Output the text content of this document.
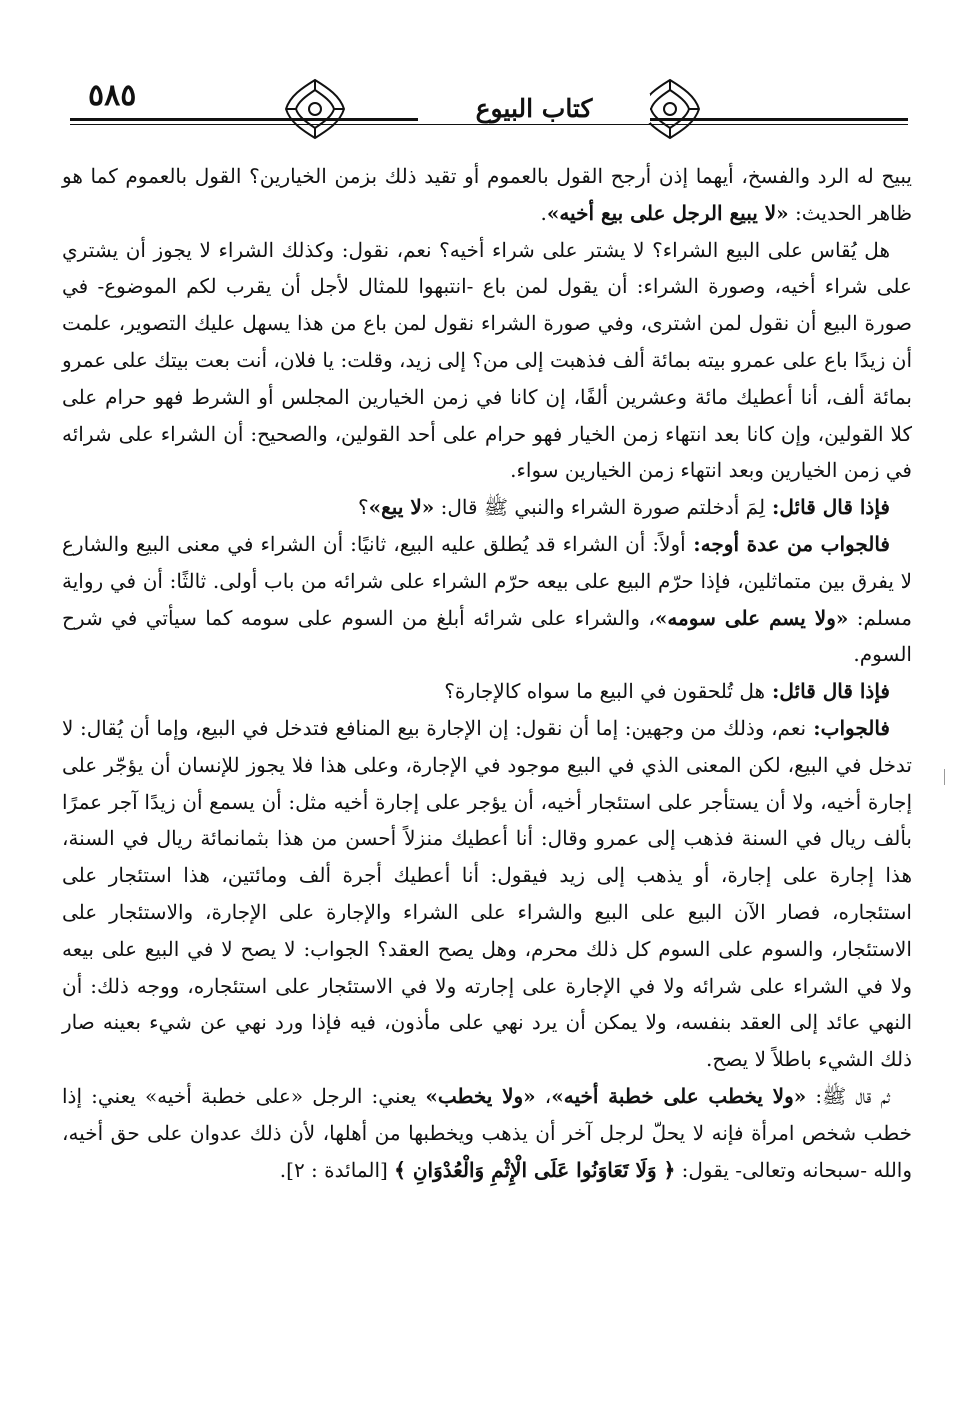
كتاب البيوع
٥٨٥

يبيح له الرد والفسخ، أيهما إذن أرجح القول بالعموم أو تقيد ذلك بزمن الخيارين؟ القول بالعموم كما هو ظاهر الحديث: «لا يبيع الرجل على بيع أخيه».

هل يُقاس على البيع الشراء؟ لا يشتر على شراء أخيه؟ نعم، نقول: وكذلك الشراء لا يجوز أن يشتري على شراء أخيه، وصورة الشراء: أن يقول لمن باع -انتبهوا للمثال لأجل أن يقرب لكم الموضوع- في صورة البيع أن نقول لمن اشترى، وفي صورة الشراء نقول لمن باع من هذا يسهل عليك التصوير، علمت أن زيدًا باع على عمرو بيته بمائة ألف فذهبت إلى من؟ إلى زيد، وقلت: يا فلان، أنت بعت بيتك على عمرو بمائة ألف، أنا أعطيك مائة وعشرين ألفًا، إن كانا في زمن الخيارين المجلس أو الشرط فهو حرام على كلا القولين، وإن كانا بعد انتهاء زمن الخيار فهو حرام على أحد القولين، والصحيح: أن الشراء على شرائه في زمن الخيارين وبعد انتهاء زمن الخيارين سواء.

فإذا قال قائل: لِمَ أدخلتم صورة الشراء والنبي ﷺ قال: «لا يبع»؟

فالجواب من عدة أوجه: أولاً: أن الشراء قد يُطلق عليه البيع، ثانيًا: أن الشراء في معنى البيع والشارع لا يفرق بين متماثلين، فإذا حرّم البيع على بيعه حرّم الشراء على شرائه من باب أولى. ثالثًا: أن في رواية مسلم: «ولا يسم على سومه»، والشراء على شرائه أبلغ من السوم على سومه كما سيأتي في شرح السوم.

فإذا قال قائل: هل تُلحقون في البيع ما سواه كالإجارة؟

فالجواب: نعم، وذلك من وجهين: إما أن نقول: إن الإجارة بيع المنافع فتدخل في البيع، وإما أن يُقال: لا تدخل في البيع، لكن المعنى الذي في البيع موجود في الإجارة، وعلى هذا فلا يجوز للإنسان أن يؤجّر على إجارة أخيه، ولا أن يستأجر على استئجار أخيه، أن يؤجر على إجارة أخيه مثل: أن يسمع أن زيدًا آجر عمرًا بألف ريال في السنة فذهب إلى عمرو وقال: أنا أعطيك منزلاً أحسن من هذا بثمانمائة ريال في السنة، هذا إجارة على إجارة، أو يذهب إلى زيد فيقول: أنا أعطيك أجرة ألف ومائتين، هذا استئجار على استئجاره، فصار الآن البيع على البيع والشراء على الشراء والإجارة على الإجارة، والاستئجار على الاستئجار، والسوم على السوم كل ذلك محرم، وهل يصح العقد؟ الجواب: لا يصح لا في البيع على بيعه ولا في الشراء على شرائه ولا في الإجارة على إجارته ولا في الاستئجار على استئجاره، ووجه ذلك: أن النهي عائد إلى العقد بنفسه، ولا يمكن أن يرد نهي على مأذون، فيه فإذا ورد نهي عن شيء بعينه صار ذلك الشيء باطلاً لا يصح.

ثم قال ﷺ: «ولا يخطب على خطبة أخيه»، «ولا يخطب» يعني: الرجل «على خطبة أخيه» يعني: إذا خطب شخص امرأة فإنه لا يحلّ لرجل آخر أن يذهب ويخطبها من أهلها، لأن ذلك عدوان على حق أخيه، والله -سبحانه وتعالى- يقول: ﴿ وَلَا تَعَاوَنُوا عَلَى الْإِثْمِ وَالْعُدْوَانِ ﴾ [المائدة : ٢].
